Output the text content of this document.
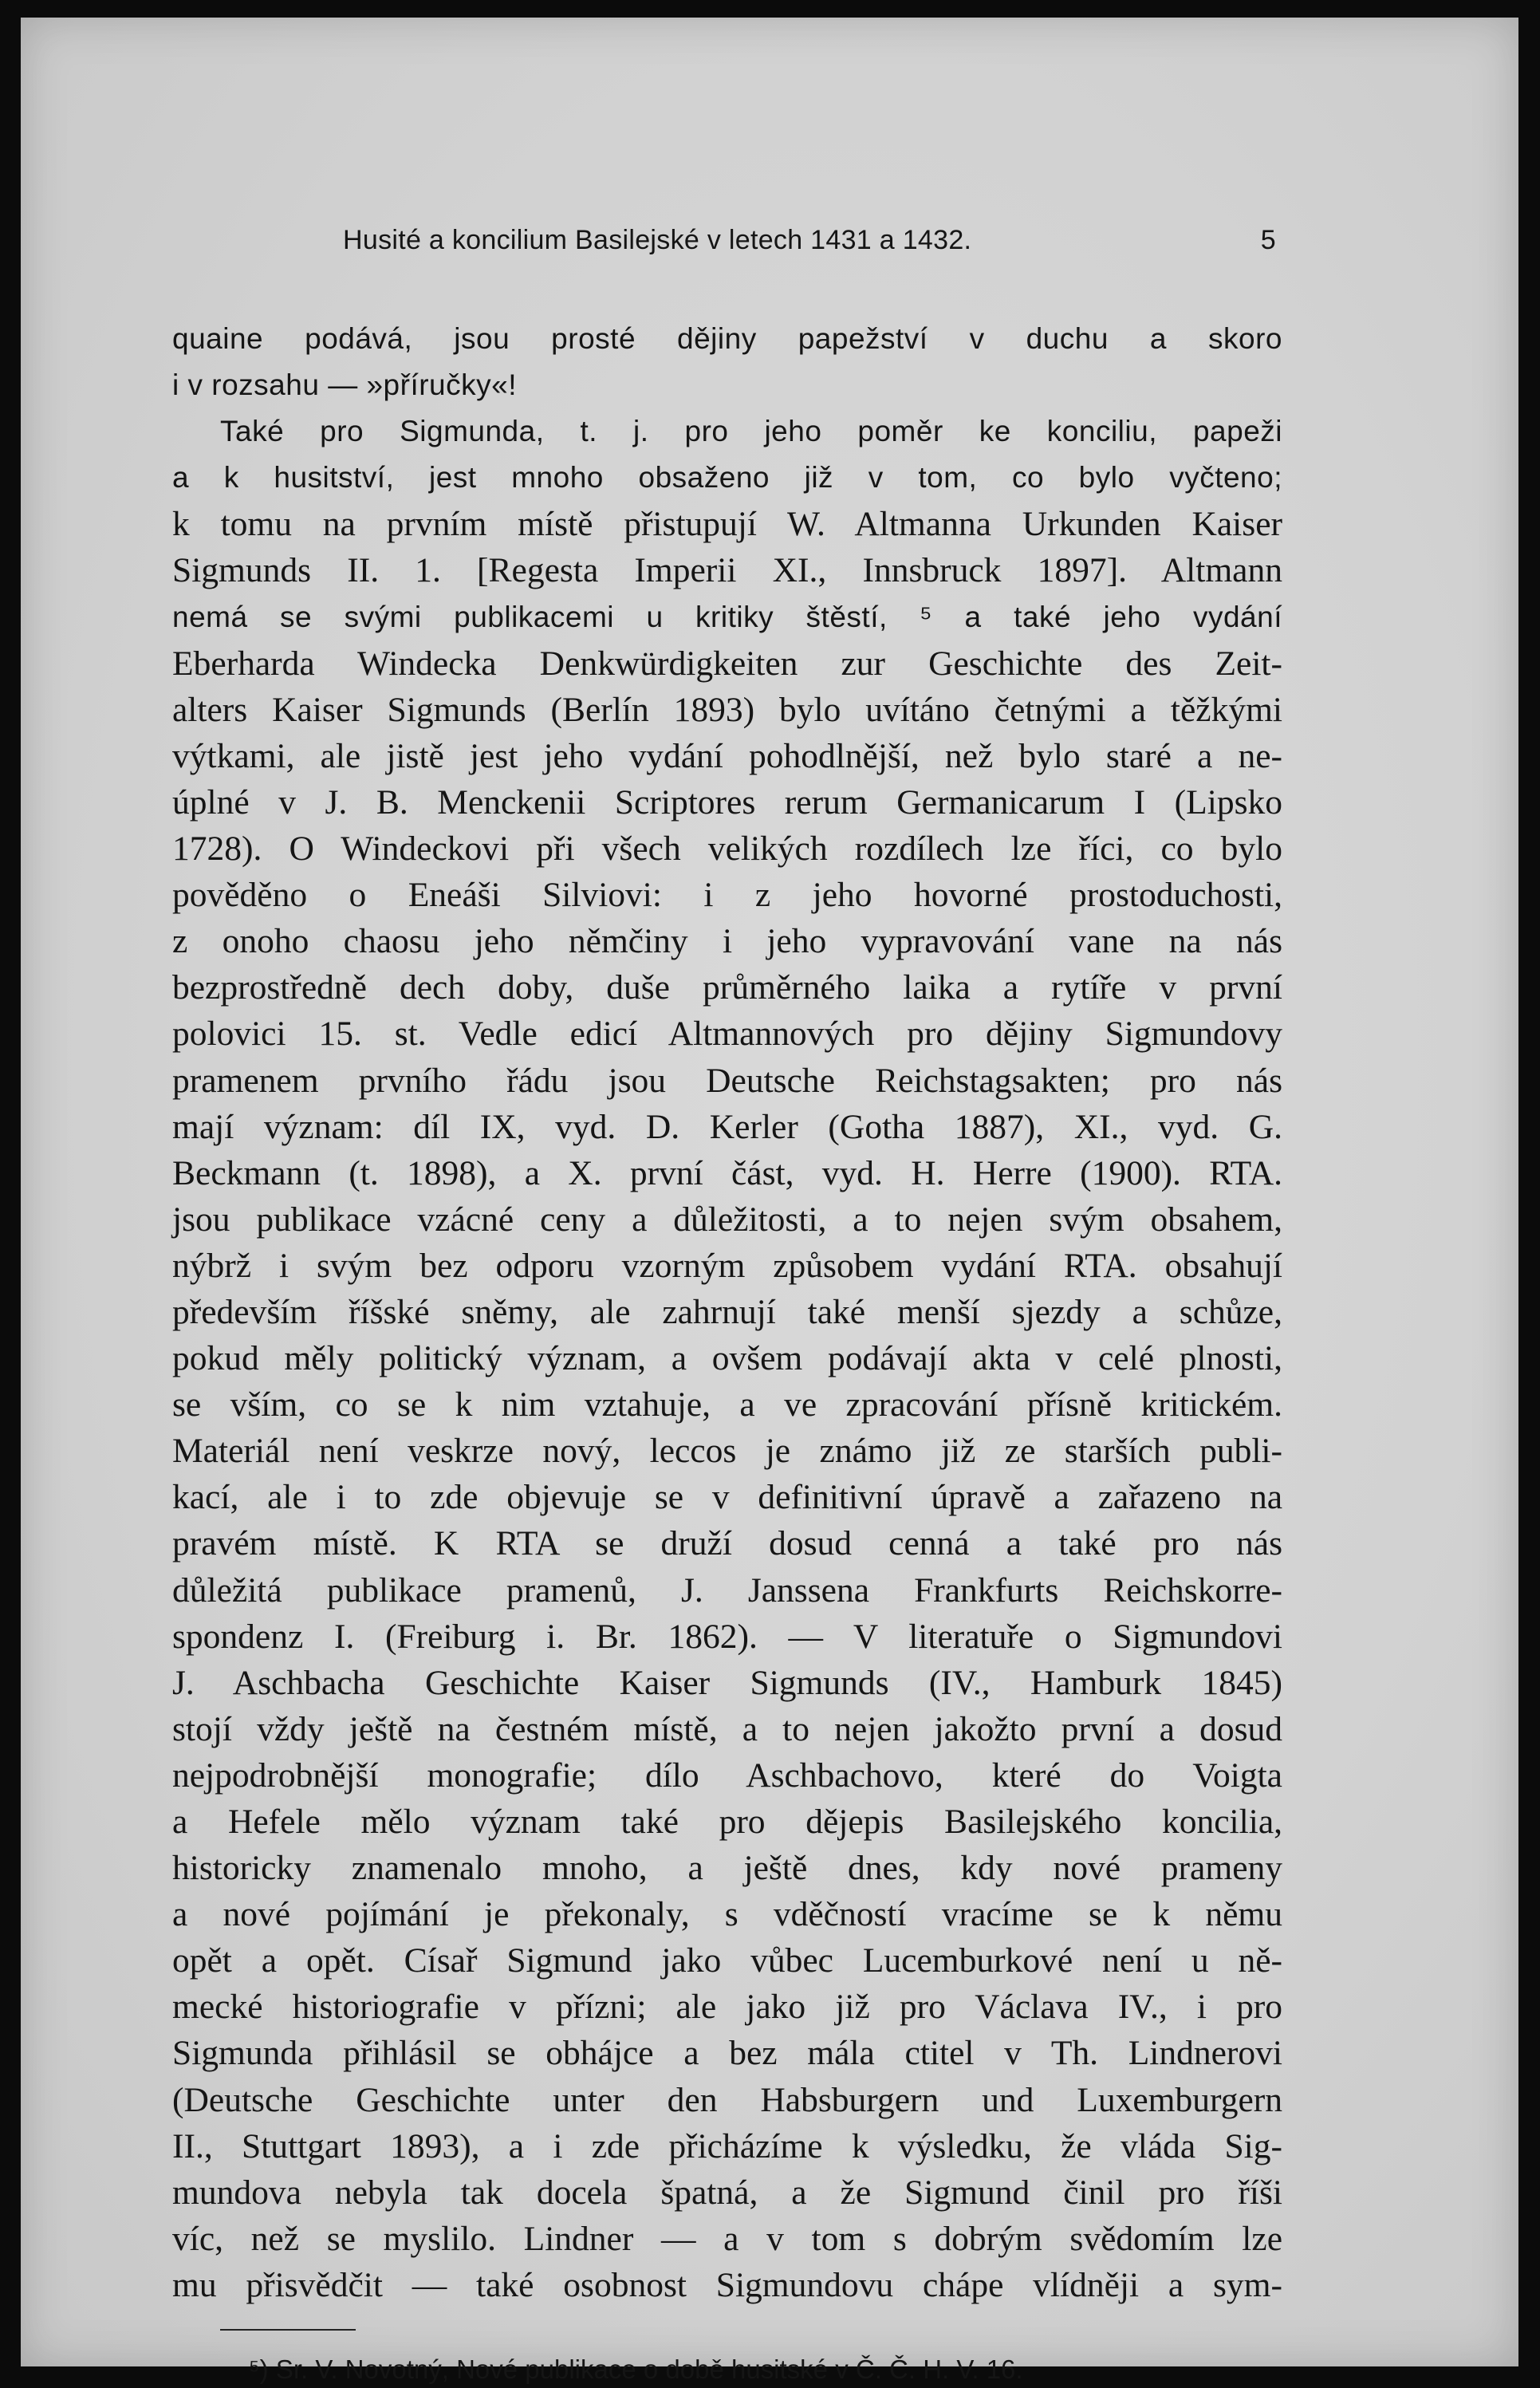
Husité a koncilium Basilejské v letech 1431 a 1432.	5
quaine podává, jsou prosté dějiny papežství v duchu a skoro
i v rozsahu — »příručky«!
Také pro Sigmunda, t. j. pro jeho poměr ke konciliu, papeži
a k husitství, jest mnoho obsaženo již v tom, co bylo vyčteno;
k tomu na prvním místě přistupují W. Altmanna Urkunden Kaiser
Sigmunds II. 1. [Regesta Imperii XI., Innsbruck 1897]. Altmann
nemá se svými publikacemi u kritiky štěstí, ⁵ a také jeho vydání
Eberharda Windecka Denkwürdigkeiten zur Geschichte des Zeit-
alters Kaiser Sigmunds (Berlín 1893) bylo uvítáno četnými a těžkými
výtkami, ale jistě jest jeho vydání pohodlnější, než bylo staré a ne-
úplné v J. B. Menckenii Scriptores rerum Germanicarum I (Lipsko
1728). O Windeckovi při všech velikých rozdílech lze říci, co bylo
pověděno o Eneáši Silviovi: i z jeho hovorné prostoduchosti,
z onoho chaosu jeho němčiny i jeho vypravování vane na nás
bezprostředně dech doby, duše průměrného laika a rytíře v první
polovici 15. st. Vedle edicí Altmannových pro dějiny Sigmundovy
pramenem prvního řádu jsou Deutsche Reichstagsakten; pro nás
mají význam: díl IX, vyd. D. Kerler (Gotha 1887), XI., vyd. G.
Beckmann (t. 1898), a X. první část, vyd. H. Herre (1900). RTA.
jsou publikace vzácné ceny a důležitosti, a to nejen svým obsahem,
nýbrž i svým bez odporu vzorným způsobem vydání RTA. obsahují
především říšské sněmy, ale zahrnují také menší sjezdy a schůze,
pokud měly politický význam, a ovšem podávají akta v celé plnosti,
se vším, co se k nim vztahuje, a ve zpracování přísně kritickém.
Materiál není veskrze nový, leccos je známo již ze starších publi-
kací, ale i to zde objevuje se v definitivní úpravě a zařazeno na
pravém místě. K RTA se druží dosud cenná a také pro nás
důležitá publikace pramenů, J. Janssena Frankfurts Reichskorre-
spondenz I. (Freiburg i. Br. 1862). — V literatuře o Sigmundovi
J. Aschbacha Geschichte Kaiser Sigmunds (IV., Hamburk 1845)
stojí vždy ještě na čestném místě, a to nejen jakožto první a dosud
nejpodrobnější monografie; dílo Aschbachovo, které do Voigta
a Hefele mělo význam také pro dějepis Basilejského koncilia,
historicky znamenalo mnoho, a ještě dnes, kdy nové prameny
a nové pojímání je překonaly, s vděčností vracíme se k němu
opět a opět. Císař Sigmund jako vůbec Lucemburkové není u ně-
mecké historiografie v přízni; ale jako již pro Václava IV., i pro
Sigmunda přihlásil se obhájce a bez mála ctitel v Th. Lindnerovi
(Deutsche Geschichte unter den Habsburgern und Luxemburgern
II., Stuttgart 1893), a i zde přicházíme k výsledku, že vláda Sig-
mundova nebyla tak docela špatná, a že Sigmund činil pro říši
víc, než se myslilo. Lindner — a v tom s dobrým svědomím lze
mu přisvědčit — také osobnost Sigmundovu chápe vlídněji a sym-
⁵) Sr. V. Novotný, Nové publikace o době husitské v Č. Č. H. V. 16.
